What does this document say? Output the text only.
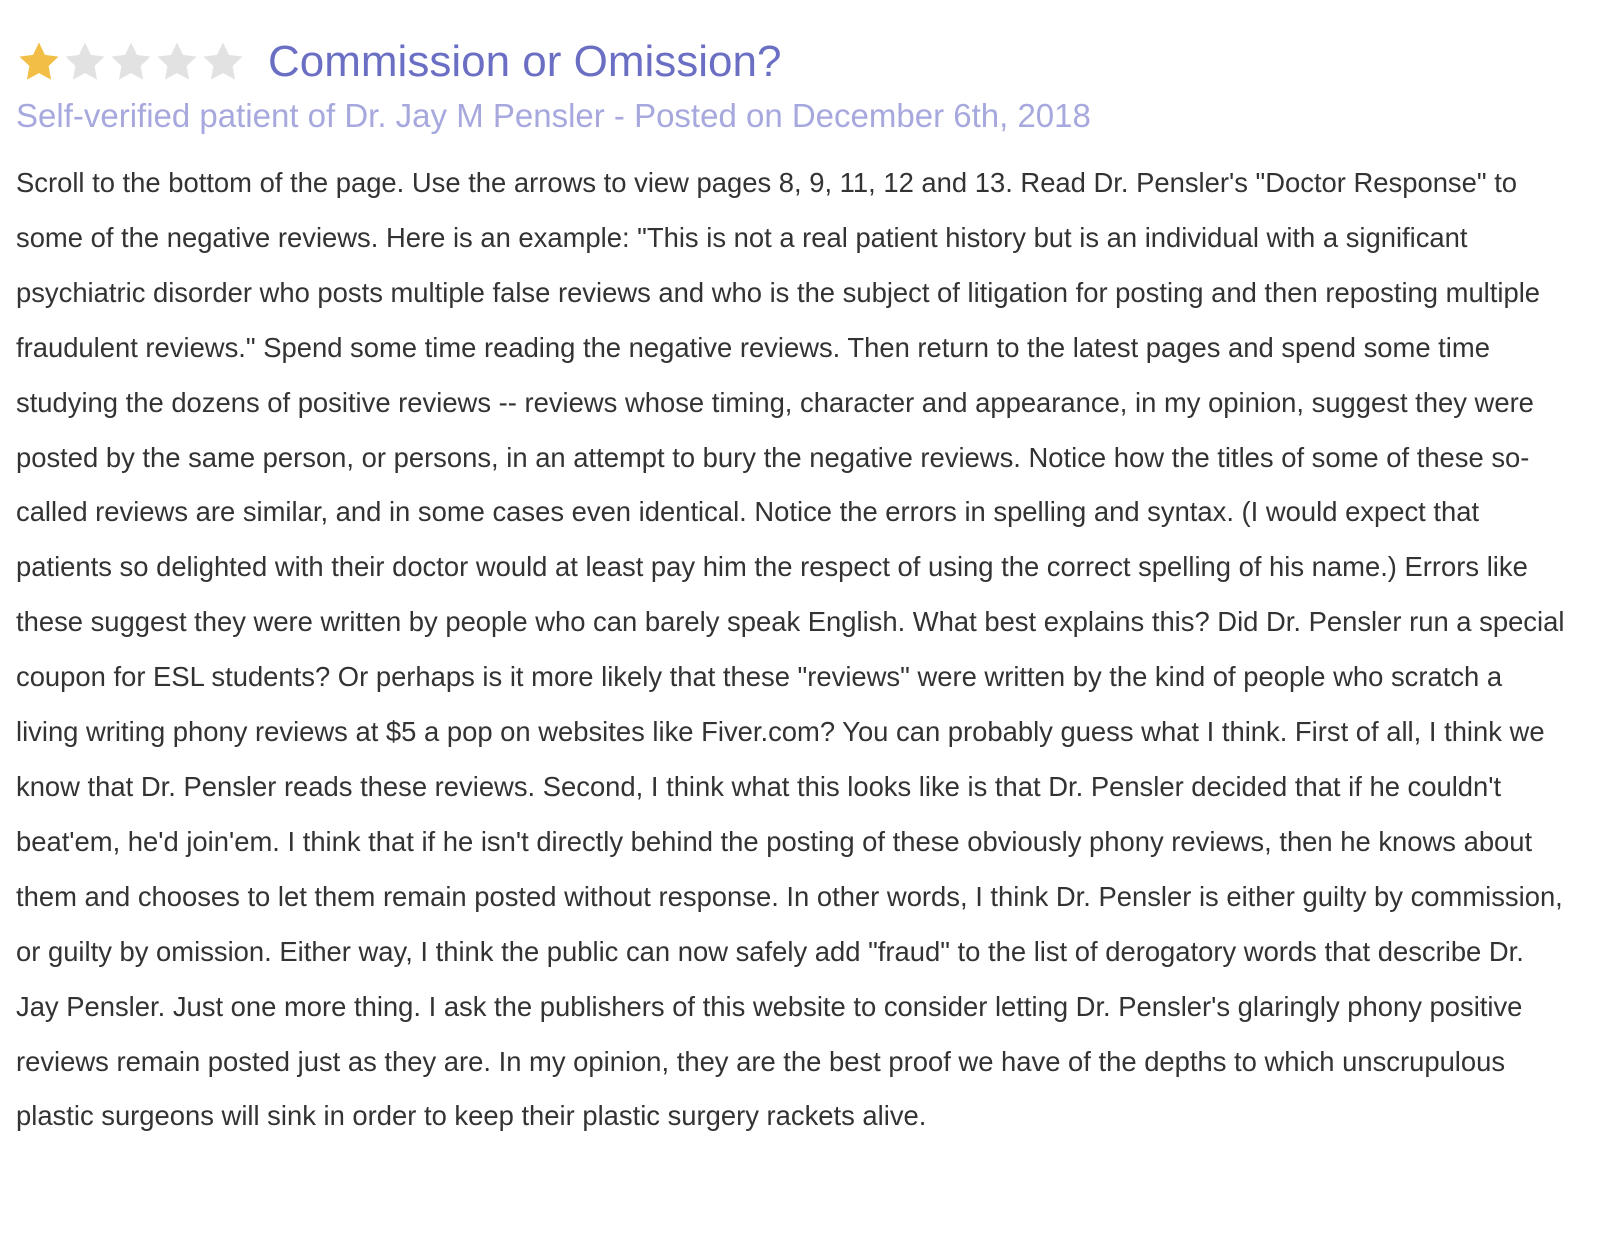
Commission or Omission?
Self-verified patient of Dr. Jay M Pensler - Posted on December 6th, 2018

Scroll to the bottom of the page. Use the arrows to view pages 8, 9, 11, 12 and 13. Read Dr. Pensler's "Doctor Response" to some of the negative reviews. Here is an example: "This is not a real patient history but is an individual with a significant psychiatric disorder who posts multiple false reviews and who is the subject of litigation for posting and then reposting multiple fraudulent reviews." Spend some time reading the negative reviews. Then return to the latest pages and spend some time studying the dozens of positive reviews -- reviews whose timing, character and appearance, in my opinion, suggest they were posted by the same person, or persons, in an attempt to bury the negative reviews. Notice how the titles of some of these so-called reviews are similar, and in some cases even identical. Notice the errors in spelling and syntax. (I would expect that patients so delighted with their doctor would at least pay him the respect of using the correct spelling of his name.) Errors like these suggest they were written by people who can barely speak English. What best explains this? Did Dr. Pensler run a special coupon for ESL students? Or perhaps is it more likely that these "reviews" were written by the kind of people who scratch a living writing phony reviews at $5 a pop on websites like Fiver.com? You can probably guess what I think. First of all, I think we know that Dr. Pensler reads these reviews. Second, I think what this looks like is that Dr. Pensler decided that if he couldn't beat'em, he'd join'em. I think that if he isn't directly behind the posting of these obviously phony reviews, then he knows about them and chooses to let them remain posted without response. In other words, I think Dr. Pensler is either guilty by commission, or guilty by omission. Either way, I think the public can now safely add "fraud" to the list of derogatory words that describe Dr. Jay Pensler. Just one more thing. I ask the publishers of this website to consider letting Dr. Pensler's glaringly phony positive reviews remain posted just as they are. In my opinion, they are the best proof we have of the depths to which unscrupulous plastic surgeons will sink in order to keep their plastic surgery rackets alive.
